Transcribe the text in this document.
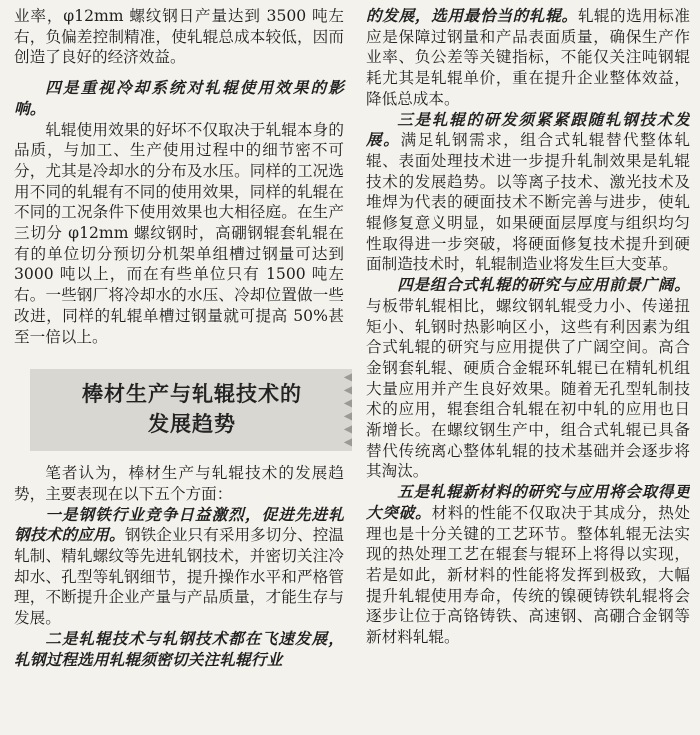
业率，φ12mm 螺纹钢日产量达到 3500 吨左右，负偏差控制精准，使轧辊总成本较低，因而创造了良好的经济效益。

四是重视冷却系统对轧辊使用效果的影响。

轧辊使用效果的好坏不仅取决于轧辊本身的品质，与加工、生产使用过程中的细节密不可分，尤其是冷却水的分布及水压。同样的工况选用不同的轧辊有不同的使用效果，同样的轧辊在不同的工况条件下使用效果也大相径庭。在生产三切分 φ12mm 螺纹钢时，高硼钢辊套轧辊在有的单位切分预切分机架单组槽过钢量可达到 3000 吨以上，而在有些单位只有 1500 吨左右。一些钢厂将冷却水的水压、冷却位置做一些改进，同样的轧辊单槽过钢量就可提高 50%甚至一倍以上。

棒材生产与轧辊技术的
发展趋势
◀
◀
◀
◀
◀
◀

笔者认为，棒材生产与轧辊技术的发展趋势，主要表现在以下五个方面：

一是钢铁行业竞争日益激烈，促进先进轧钢技术的应用。钢铁企业只有采用多切分、控温轧制、精轧螺纹等先进轧钢技术，并密切关注冷却水、孔型等轧钢细节，提升操作水平和严格管理，不断提升企业产量与产品质量，才能生存与发展。

二是轧辊技术与轧钢技术都在飞速发展，轧钢过程选用轧辊须密切关注轧辊行业

的发展，选用最恰当的轧辊。轧辊的选用标准应是保障过钢量和产品表面质量，确保生产作业率、负公差等关键指标，不能仅关注吨钢辊耗尤其是轧辊单价，重在提升企业整体效益，降低总成本。

三是轧辊的研发须紧紧跟随轧钢技术发展。满足轧钢需求，组合式轧辊替代整体轧辊、表面处理技术进一步提升轧制效果是轧辊技术的发展趋势。以等离子技术、激光技术及堆焊为代表的硬面技术不断完善与进步，使轧辊修复意义明显，如果硬面层厚度与组织均匀性取得进一步突破，将硬面修复技术提升到硬面制造技术时，轧辊制造业将发生巨大变革。

四是组合式轧辊的研究与应用前景广阔。与板带轧辊相比，螺纹钢轧辊受力小、传递扭矩小、轧钢时热影响区小，这些有利因素为组合式轧辊的研究与应用提供了广阔空间。高合金钢套轧辊、硬质合金辊环轧辊已在精轧机组大量应用并产生良好效果。随着无孔型轧制技术的应用，辊套组合轧辊在初中轧的应用也日渐增长。在螺纹钢生产中，组合式轧辊已具备替代传统离心整体轧辊的技术基础并会逐步将其淘汰。

五是轧辊新材料的研究与应用将会取得更大突破。材料的性能不仅取决于其成分，热处理也是十分关键的工艺环节。整体轧辊无法实现的热处理工艺在辊套与辊环上将得以实现，若是如此，新材料的性能将发挥到极致，大幅提升轧辊使用寿命，传统的镍硬铸铁轧辊将会逐步让位于高铬铸铁、高速钢、高硼合金钢等新材料轧辊。
